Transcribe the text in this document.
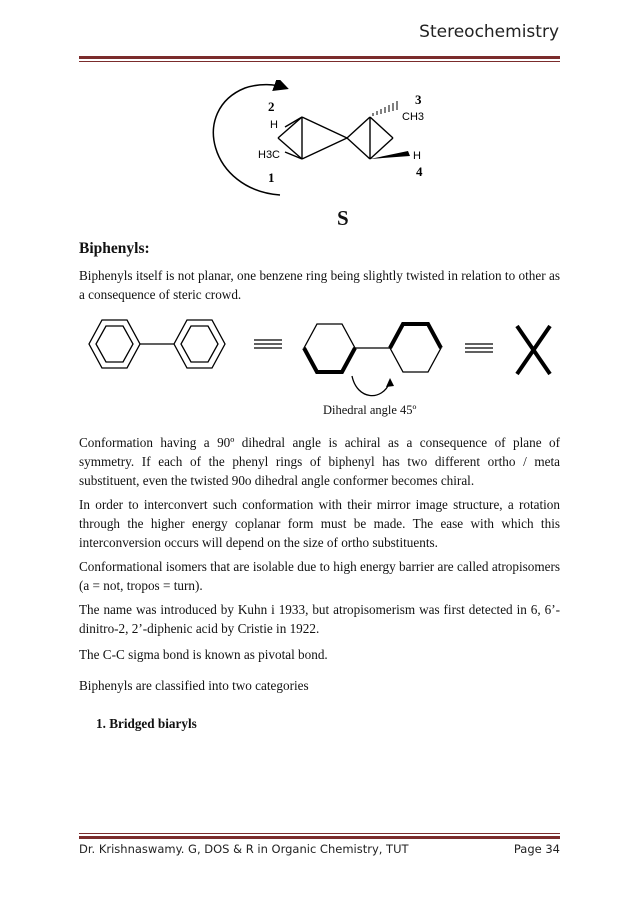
Stereochemistry
2
H
H3C
1
3
CH3
H
4
S
Biphenyls:
Biphenyls itself is not planar, one benzene ring being slightly twisted in relation to other as a consequence of steric crowd.
Dihedral angle 45º
Conformation having a 90º dihedral angle is achiral as a consequence of plane of symmetry. If each of the phenyl rings of biphenyl has two different ortho / meta substituent, even the twisted 90o dihedral angle conformer becomes chiral.
In order to interconvert such conformation with their mirror image structure, a rotation through the higher energy coplanar form must be made. The ease with which this interconversion occurs will depend on the size of ortho substituents.
Conformational isomers that are isolable due to high energy barrier are called atropisomers (a = not, tropos = turn).
The name was introduced by Kuhn i 1933, but atropisomerism was first detected in 6, 6’-dinitro-2, 2’-diphenic acid by Cristie in 1922.
The C-C sigma bond is known as pivotal bond.
Biphenyls are classified into two categories
1. Bridged biaryls
Dr. Krishnaswamy. G, DOS & R in Organic Chemistry, TUT	Page 34
